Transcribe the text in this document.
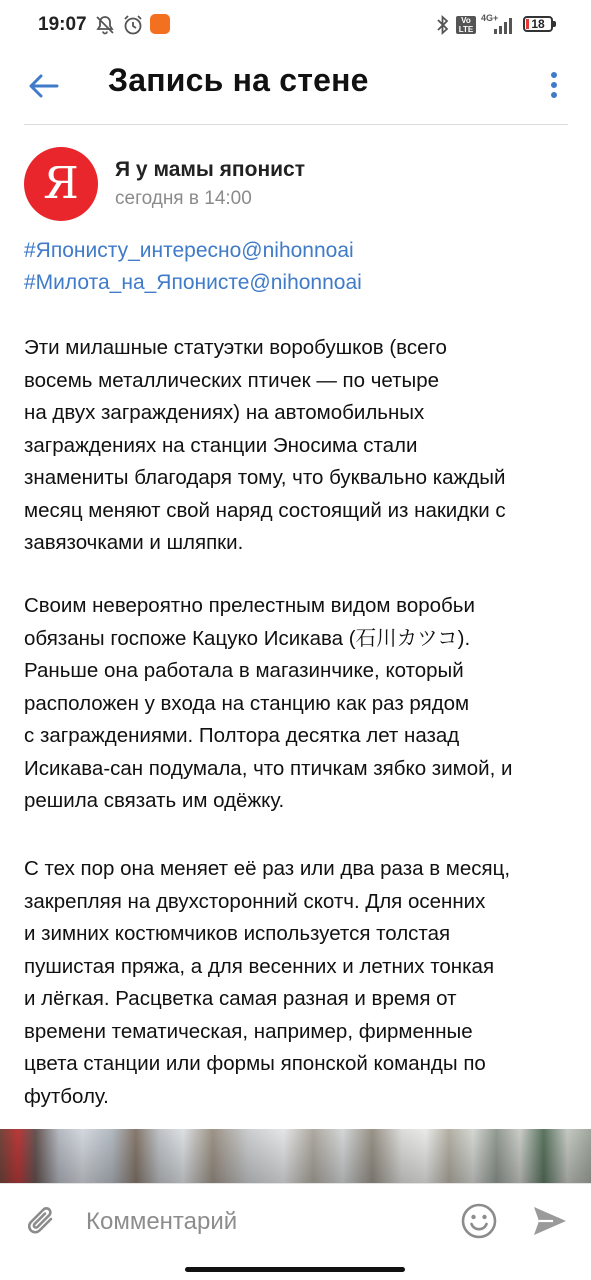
19:07	Vo
LTE
4G+	18
Запись на стене
Я	Я у мамы японист
сегодня в 14:00
#Японисту_интересно@nihonnoai
#Милота_на_Японисте@nihonnoai

Эти милашные статуэтки воробушков (всего
восемь металлических птичек — по четыре
на двух заграждениях) на автомобильных
заграждениях на станции Эносима стали
знамениты благодаря тому, что буквально каждый
месяц меняют свой наряд состоящий из накидки с
завязочками и шляпки.

Своим невероятно прелестным видом воробьи
обязаны госпоже Кацуко Исикава (石川カツコ).
Раньше она работала в магазинчике, который
расположен у входа на станцию как раз рядом
с заграждениями. Полтора десятка лет назад
Исикава-сан подумала, что птичкам зябко зимой, и
решила связать им одёжку.

С тех пор она меняет её раз или два раза в месяц,
закрепляя на двухсторонний скотч. Для осенних
и зимних костюмчиков используется толстая
пушистая пряжа, а для весенних и летних тонкая
и лёгкая. Расцветка самая разная и время от
времени тематическая, например, фирменные
цвета станции или формы японской команды по
футболу.

Комментарий
